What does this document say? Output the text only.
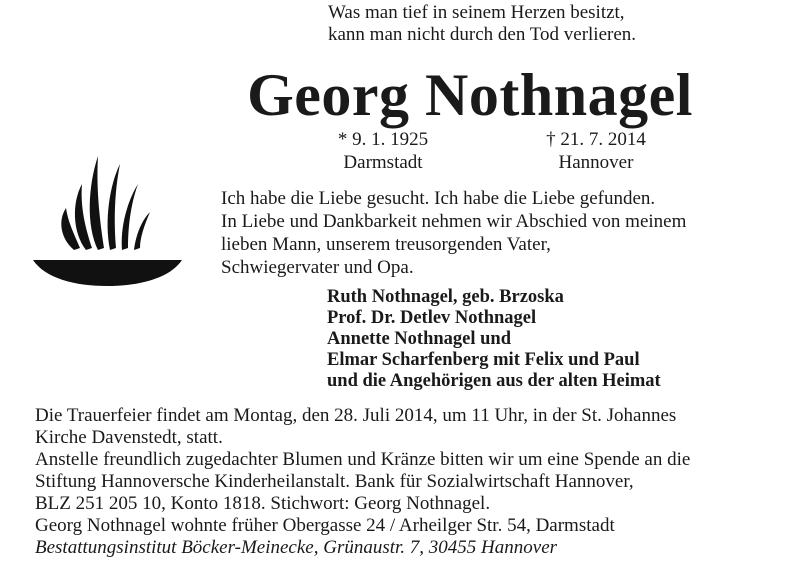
Was man tief in seinem Herzen besitzt,
kann man nicht durch den Tod verlieren.
Georg Nothnagel
* 9. 1. 1925
Darmstadt
† 21. 7. 2014
Hannover
Ich habe die Liebe gesucht. Ich habe die Liebe gefunden.
In Liebe und Dankbarkeit nehmen wir Abschied von meinem
lieben Mann, unserem treusorgenden Vater,
Schwiegervater und Opa.
Ruth Nothnagel, geb. Brzoska
Prof. Dr. Detlev Nothnagel
Annette Nothnagel und
Elmar Scharfenberg mit Felix und Paul
und die Angehörigen aus der alten Heimat
Die Trauerfeier findet am Montag, den 28. Juli 2014, um 11 Uhr, in der St. Johannes
Kirche Davenstedt, statt.
Anstelle freundlich zugedachter Blumen und Kränze bitten wir um eine Spende an die
Stiftung Hannoversche Kinderheilanstalt. Bank für Sozialwirtschaft Hannover,
BLZ 251 205 10, Konto 1818. Stichwort: Georg Nothnagel.
Georg Nothnagel wohnte früher Obergasse 24 / Arheilger Str. 54, Darmstadt
Bestattungsinstitut Böcker-Meinecke, Grünaustr. 7, 30455 Hannover
